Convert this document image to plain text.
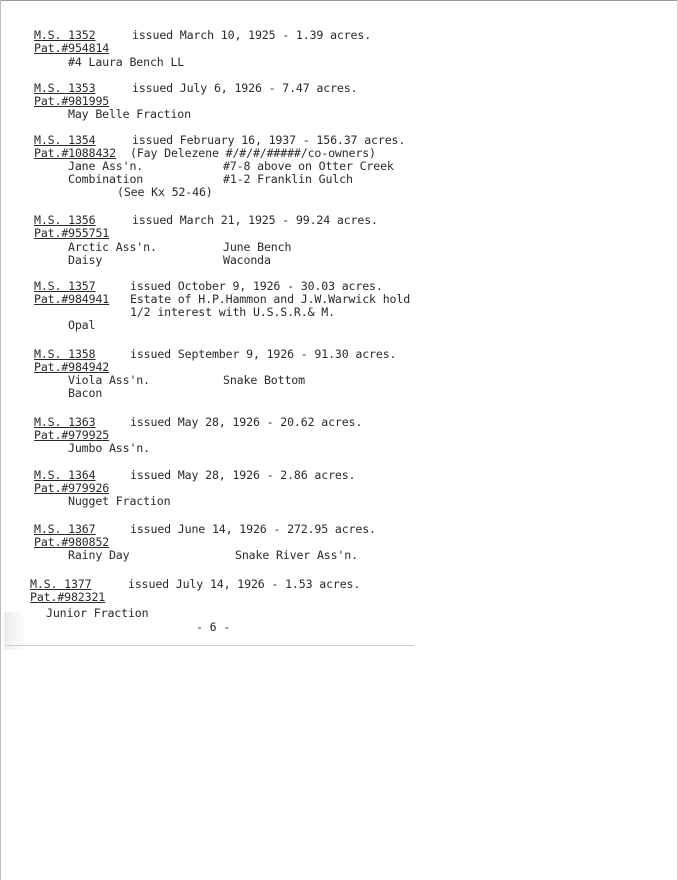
M.S. 1352	issued March 10, 1925 - 1.39 acres.
Pat.#954814
#4 Laura Bench LL
M.S. 1353	issued July 6, 1926 - 7.47 acres.
Pat.#981995
May Belle Fraction
M.S. 1354	issued February 16, 1937 - 156.37 acres.
Pat.#1088432 (Fay Delezene #/#/#/#####/co-owners)
Jane Ass'n.	#7-8 above on Otter Creek
Combination	#1-2 Franklin Gulch
(See Kx 52-46)
M.S. 1356	issued March 21, 1925 - 99.24 acres.
Pat.#955751
Arctic Ass'n.	June Bench
Daisy	Waconda
M.S. 1357	issued October 9, 1926 - 30.03 acres.
Pat.#984941 Estate of H.P.Hammon and J.W.Warwick hold
1/2 interest with U.S.S.R.& M.
Opal
M.S. 1358	issued September 9, 1926 - 91.30 acres.
Pat.#984942
Viola Ass'n.	Snake Bottom
Bacon
M.S. 1363	issued May 28, 1926 - 20.62 acres.
Pat.#979925
Jumbo Ass'n.
M.S. 1364	issued May 28, 1926 - 2.86 acres.
Pat.#979926
Nugget Fraction
M.S. 1367	issued June 14, 1926 - 272.95 acres.
Pat.#980852
Rainy Day	Snake River Ass'n.
M.S. 1377	issued July 14, 1926 - 1.53 acres.
Pat.#982321
Junior Fraction
- 6 -
